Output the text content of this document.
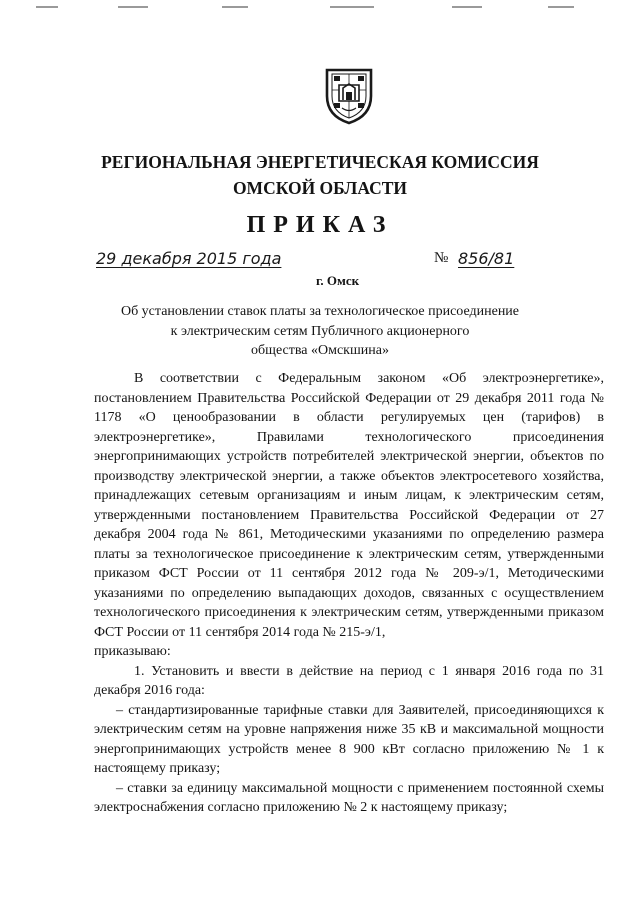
РЕГИОНАЛЬНАЯ ЭНЕРГЕТИЧЕСКАЯ КОМИССИЯ
ОМСКОЙ ОБЛАСТИ
ПРИКАЗ
29 декабря 2015 года	№ 856/81
г. Омск
Об установлении ставок платы за технологическое присоединение
к электрическим сетям Публичного акционерного
общества «Омскшина»

В соответствии с Федеральным законом «Об электроэнергетике», постановлением Правительства Российской Федерации от 29 декабря 2011 года № 1178 «О ценообразовании в области регулируемых цен (тарифов) в электроэнергетике», Правилами технологического присоединения энергопринимающих устройств потребителей электрической энергии, объектов по производству электрической энергии, а также объектов электросетевого хозяйства, принадлежащих сетевым организациям и иным лицам, к электрическим сетям, утвержденными постановлением Правительства Российской Федерации от 27 декабря 2004 года № 861, Методическими указаниями по определению размера платы за технологическое присоединение к электрическим сетям, утвержденными приказом ФСТ России от 11 сентября 2012 года № 209-э/1, Методическими указаниями по определению выпадающих доходов, связанных с осуществлением технологического присоединения к электрическим сетям, утвержденными приказом ФСТ России от 11 сентября 2014 года № 215-э/1,

приказываю:

1. Установить и ввести в действие на период с 1 января 2016 года по 31 декабря 2016 года:

– стандартизированные тарифные ставки для Заявителей, присоединяющихся к электрическим сетям на уровне напряжения ниже 35 кВ и максимальной мощности энергопринимающих устройств менее 8 900 кВт согласно приложению № 1 к настоящему приказу;

– ставки за единицу максимальной мощности с применением постоянной схемы электроснабжения согласно приложению № 2 к настоящему приказу;
